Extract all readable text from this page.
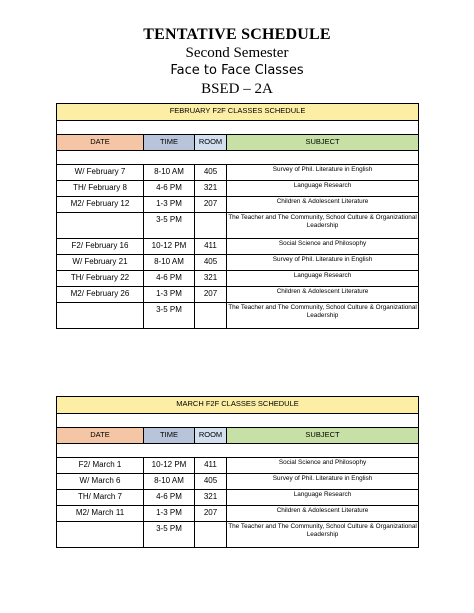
TENTATIVE SCHEDULE
Second Semester
Face to Face Classes
BSED – 2A
FEBRUARY F2F CLASSES SCHEDULE			

DATE	TIME	ROOM	SUBJECT

W/ February 7	8-10 AM	405	Survey of Phil. Literature in English
TH/ February 8	4-6 PM	321	Language Research
M2/ February 12	1-3 PM	207	Children & Adolescent Literature
	3-5 PM		The Teacher and The Community, School Culture & Organizational Leadership
F2/ February 16	10-12 PM	411	Social Science and Philosophy
W/ February 21	8-10 AM	405	Survey of Phil. Literature in English
TH/ February 22	4-6 PM	321	Language Research
M2/ February 26	1-3 PM	207	Children & Adolescent Literature
	3-5 PM		The Teacher and The Community, School Culture & Organizational Leadership
MARCH F2F CLASSES SCHEDULE			

DATE	TIME	ROOM	SUBJECT

F2/ March 1	10-12 PM	411	Social Science and Philosophy
W/ March 6	8-10 AM	405	Survey of Phil. Literature in English
TH/ March 7	4-6 PM	321	Language Research
M2/ March 11	1-3 PM	207	Children & Adolescent Literature
	3-5 PM		The Teacher and The Community, School Culture & Organizational Leadership
